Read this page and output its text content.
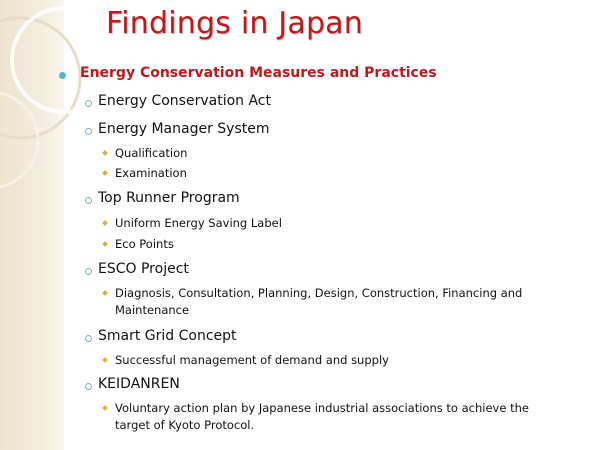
Findings in Japan
Energy Conservation Measures and Practices
Energy Conservation Act
Energy Manager System
Qualification
Examination
Top Runner Program
Uniform Energy Saving Label
Eco Points
ESCO Project
Diagnosis, Consultation, Planning, Design, Construction, Financing and Maintenance
Smart Grid Concept
Successful management of demand and supply
KEIDANREN
Voluntary action plan by Japanese industrial associations to achieve the target of Kyoto Protocol.
